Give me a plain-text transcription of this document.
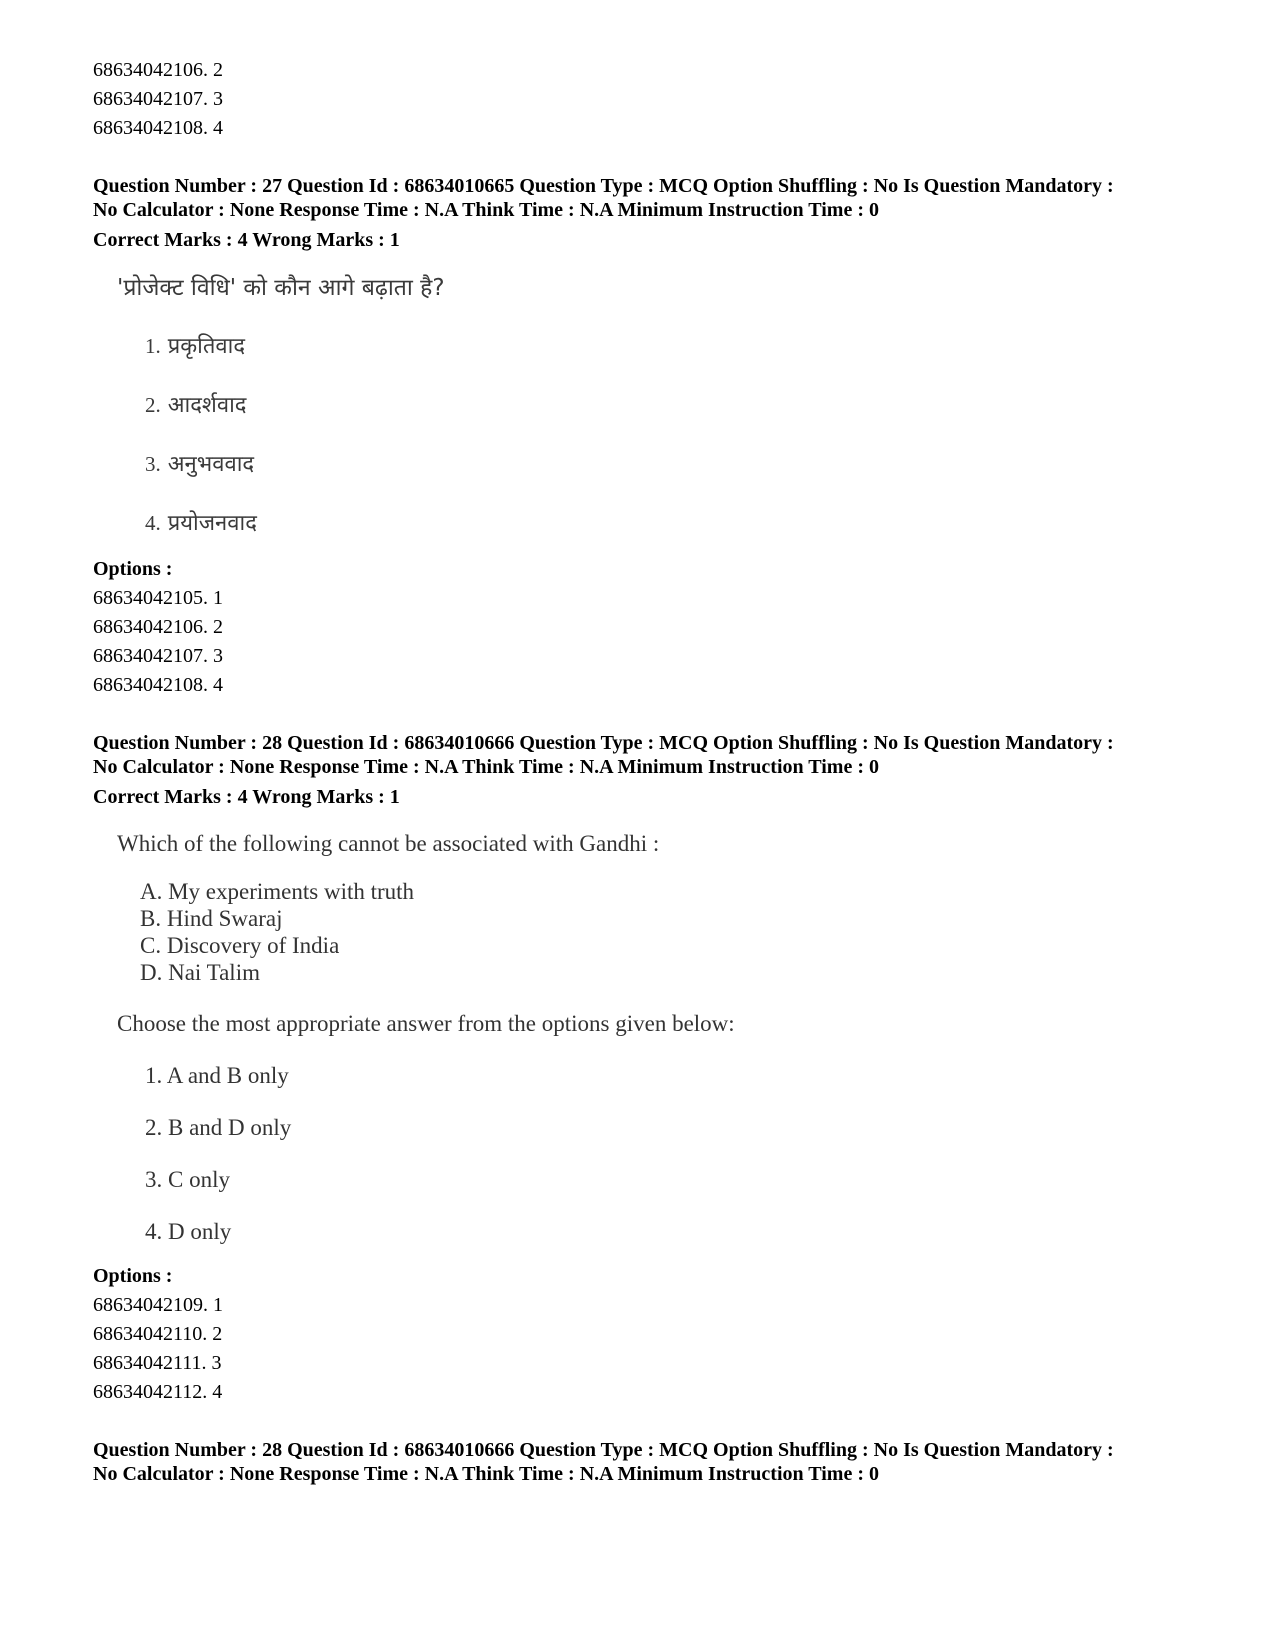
68634042106. 2
68634042107. 3
68634042108. 4
Question Number : 27 Question Id : 68634010665 Question Type : MCQ Option Shuffling : No Is Question Mandatory :
No Calculator : None Response Time : N.A Think Time : N.A Minimum Instruction Time : 0
Correct Marks : 4 Wrong Marks : 1
'प्रोजेक्ट विधि' को कौन आगे बढ़ाता है?
1. प्रकृतिवाद
2. आदर्शवाद
3. अनुभववाद
4. प्रयोजनवाद
Options :
68634042105. 1
68634042106. 2
68634042107. 3
68634042108. 4
Question Number : 28 Question Id : 68634010666 Question Type : MCQ Option Shuffling : No Is Question Mandatory :
No Calculator : None Response Time : N.A Think Time : N.A Minimum Instruction Time : 0
Correct Marks : 4 Wrong Marks : 1
Which of the following cannot be associated with Gandhi :
A. My experiments with truth
B. Hind Swaraj
C. Discovery of India
D. Nai Talim
Choose the most appropriate answer from the options given below:
1. A and B only
2. B and D only
3. C only
4. D only
Options :
68634042109. 1
68634042110. 2
68634042111. 3
68634042112. 4
Question Number : 28 Question Id : 68634010666 Question Type : MCQ Option Shuffling : No Is Question Mandatory :
No Calculator : None Response Time : N.A Think Time : N.A Minimum Instruction Time : 0
